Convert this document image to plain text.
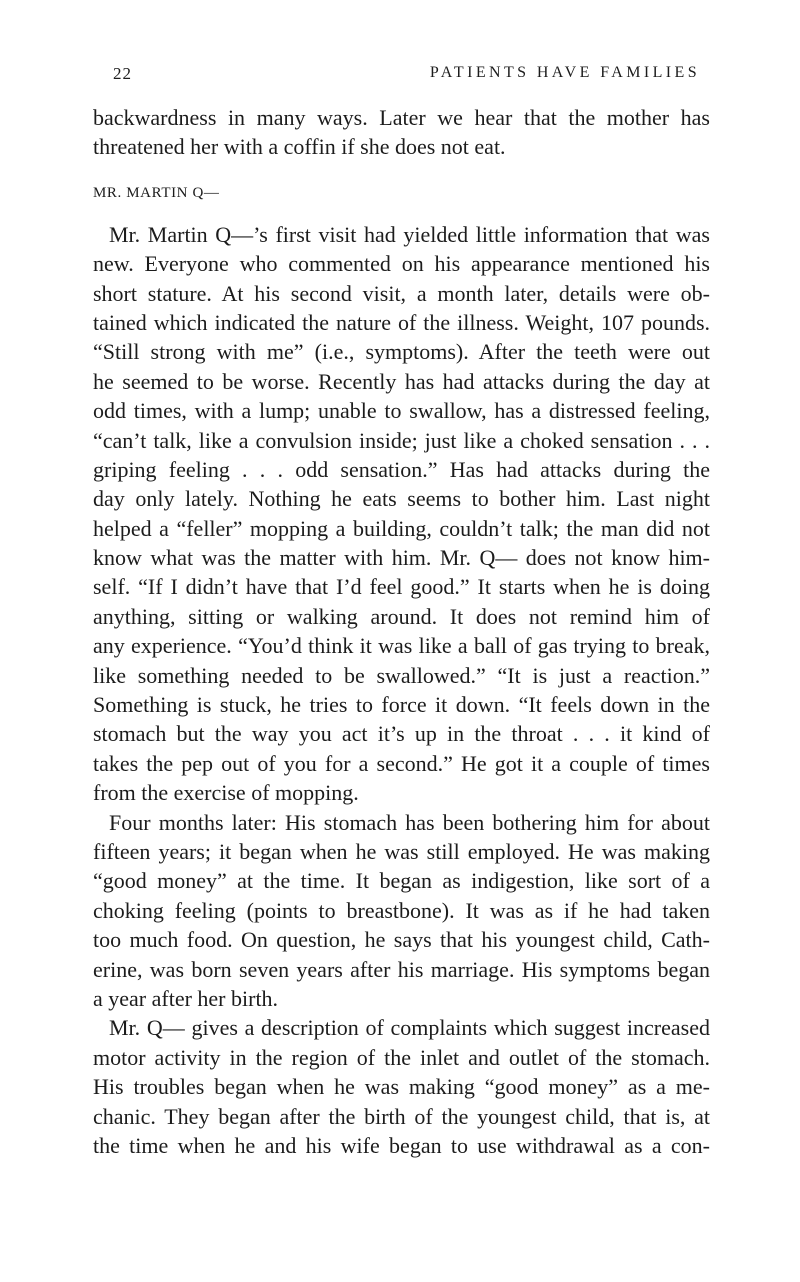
22	PATIENTS HAVE FAMILIES
backwardness in many ways. Later we hear that the mother has
threatened her with a coffin if she does not eat.
MR. MARTIN Q—
Mr. Martin Q—’s first visit had yielded little information that was
new. Everyone who commented on his appearance mentioned his
short stature. At his second visit, a month later, details were ob-
tained which indicated the nature of the illness. Weight, 107 pounds.
“Still strong with me” (i.e., symptoms). After the teeth were out
he seemed to be worse. Recently has had attacks during the day at
odd times, with a lump; unable to swallow, has a distressed feeling,
“can’t talk, like a convulsion inside; just like a choked sensation . . .
griping feeling . . . odd sensation.” Has had attacks during the
day only lately. Nothing he eats seems to bother him. Last night
helped a “feller” mopping a building, couldn’t talk; the man did not
know what was the matter with him. Mr. Q— does not know him-
self. “If I didn’t have that I’d feel good.” It starts when he is doing
anything, sitting or walking around. It does not remind him of
any experience. “You’d think it was like a ball of gas trying to break,
like something needed to be swallowed.” “It is just a reaction.”
Something is stuck, he tries to force it down. “It feels down in the
stomach but the way you act it’s up in the throat . . . it kind of
takes the pep out of you for a second.” He got it a couple of times
from the exercise of mopping.
Four months later: His stomach has been bothering him for about
fifteen years; it began when he was still employed. He was making
“good money” at the time. It began as indigestion, like sort of a
choking feeling (points to breastbone). It was as if he had taken
too much food. On question, he says that his youngest child, Cath-
erine, was born seven years after his marriage. His symptoms began
a year after her birth.
Mr. Q— gives a description of complaints which suggest increased
motor activity in the region of the inlet and outlet of the stomach.
His troubles began when he was making “good money” as a me-
chanic. They began after the birth of the youngest child, that is, at
the time when he and his wife began to use withdrawal as a con-
